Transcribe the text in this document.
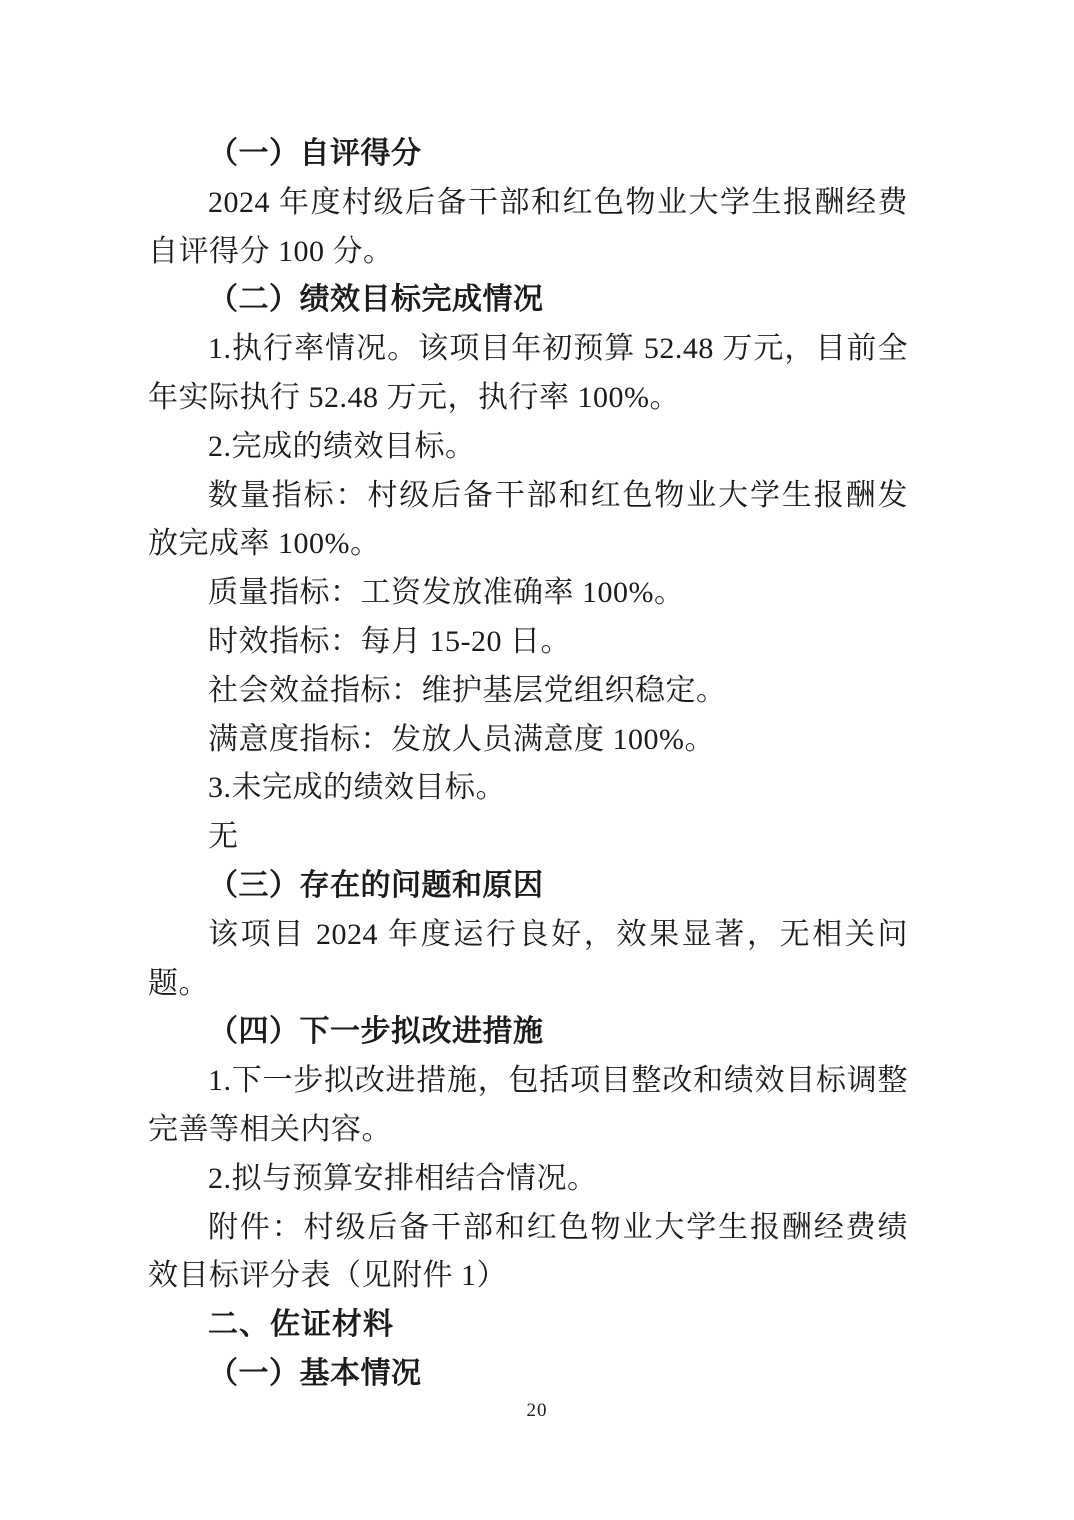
（一）自评得分

2024 年度村级后备干部和红色物业大学生报酬经费自评得分 100 分。

（二）绩效目标完成情况

1.执行率情况。该项目年初预算 52.48 万元，目前全年实际执行 52.48 万元，执行率 100%。

2.完成的绩效目标。

数量指标：村级后备干部和红色物业大学生报酬发放完成率 100%。

质量指标：工资发放准确率 100%。

时效指标：每月 15-20 日。

社会效益指标：维护基层党组织稳定。

满意度指标：发放人员满意度 100%。

3.未完成的绩效目标。

无

（三）存在的问题和原因

该项目 2024 年度运行良好，效果显著，无相关问题。

（四）下一步拟改进措施

1.下一步拟改进措施，包括项目整改和绩效目标调整完善等相关内容。

2.拟与预算安排相结合情况。

附件：村级后备干部和红色物业大学生报酬经费绩效目标评分表（见附件 1）

二、佐证材料

（一）基本情况

20
